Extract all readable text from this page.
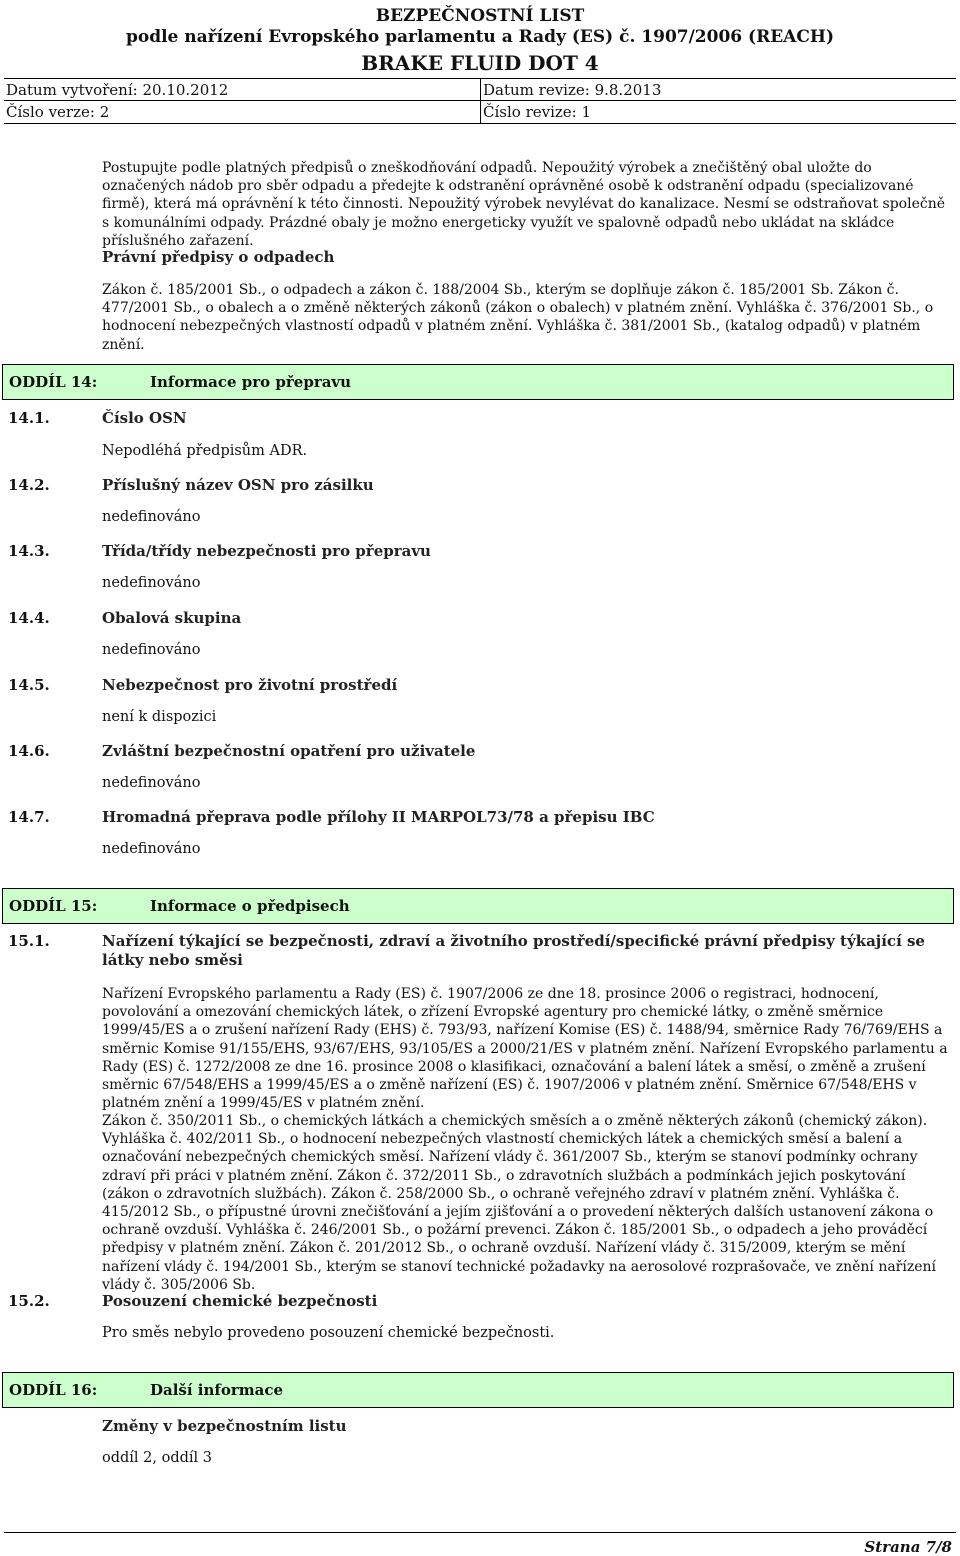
BEZPEČNOSTNÍ LIST
podle nařízení Evropského parlamentu a Rady (ES) č. 1907/2006 (REACH)
BRAKE FLUID DOT 4
Datum vytvoření: 20.10.2012	Datum revize: 9.8.2013
Číslo verze: 2	Číslo revize: 1
Postupujte podle platných předpisů o zneškodňování odpadů. Nepoužitý výrobek a znečištěný obal uložte do označených nádob pro sběr odpadu a předejte k odstranění oprávněné osobě k odstranění odpadu (specializované firmě), která má oprávnění k této činnosti. Nepoužitý výrobek nevylévat do kanalizace. Nesmí se odstraňovat společně s komunálními odpady. Prázdné obaly je možno energeticky využít ve spalovně odpadů nebo ukládat na skládce příslušného zařazení.
Právní předpisy o odpadech
Zákon č. 185/2001 Sb., o odpadech a zákon č. 188/2004 Sb., kterým se doplňuje zákon č. 185/2001 Sb. Zákon č. 477/2001 Sb., o obalech a o změně některých zákonů (zákon o obalech) v platném znění. Vyhláška č. 376/2001 Sb., o hodnocení nebezpečných vlastností odpadů v platném znění. Vyhláška č. 381/2001 Sb., (katalog odpadů) v platném znění.
ODDÍL 14:	Informace pro přepravu
14.1.	Číslo OSN
Nepodléhá předpisům ADR.
14.2.	Příslušný název OSN pro zásilku
nedefinováno
14.3.	Třída/třídy nebezpečnosti pro přepravu
nedefinováno
14.4.	Obalová skupina
nedefinováno
14.5.	Nebezpečnost pro životní prostředí
není k dispozici
14.6.	Zvláštní bezpečnostní opatření pro uživatele
nedefinováno
14.7.	Hromadná přeprava podle přílohy II MARPOL73/78 a přepisu IBC
nedefinováno
ODDÍL 15:	Informace o předpisech
15.1.	Nařízení týkající se bezpečnosti, zdraví a životního prostředí/specifické právní předpisy týkající se látky nebo směsi
Nařízení Evropského parlamentu a Rady (ES) č. 1907/2006 ze dne 18. prosince 2006 o registraci, hodnocení, povolování a omezování chemických látek, o zřízení Evropské agentury pro chemické látky, o změně směrnice 1999/45/ES a o zrušení nařízení Rady (EHS) č. 793/93, nařízení Komise (ES) č. 1488/94, směrnice Rady 76/769/EHS a směrnic Komise 91/155/EHS, 93/67/EHS, 93/105/ES a 2000/21/ES v platném znění. Nařízení Evropského parlamentu a Rady (ES) č. 1272/2008 ze dne 16. prosince 2008 o klasifikaci, označování a balení látek a směsí, o změně a zrušení směrnic 67/548/EHS a 1999/45/ES a o změně nařízení (ES) č. 1907/2006 v platném znění. Směrnice 67/548/EHS v platném znění a 1999/45/ES v platném znění.
Zákon č. 350/2011 Sb., o chemických látkách a chemických směsích a o změně některých zákonů (chemický zákon). Vyhláška č. 402/2011 Sb., o hodnocení nebezpečných vlastností chemických látek a chemických směsí a balení a označování nebezpečných chemických směsí. Nařízení vlády č. 361/2007 Sb., kterým se stanoví podmínky ochrany zdraví při práci v platném znění. Zákon č. 372/2011 Sb., o zdravotních službách a podmínkách jejich poskytování (zákon o zdravotních službách). Zákon č. 258/2000 Sb., o ochraně veřejného zdraví v platném znění. Vyhláška č. 415/2012 Sb., o přípustné úrovni znečišťování a jejím zjišťování a o provedení některých dalších ustanovení zákona o ochraně ovzduší. Vyhláška č. 246/2001 Sb., o požární prevenci. Zákon č. 185/2001 Sb., o odpadech a jeho prováděcí předpisy v platném znění. Zákon č. 201/2012 Sb., o ochraně ovzduší. Nařízení vlády č. 315/2009, kterým se mění nařízení vlády č. 194/2001 Sb., kterým se stanoví technické požadavky na aerosolové rozprašovače, ve znění nařízení vlády č. 305/2006 Sb.
15.2.	Posouzení chemické bezpečnosti
Pro směs nebylo provedeno posouzení chemické bezpečnosti.
ODDÍL 16:	Další informace
Změny v bezpečnostním listu
oddíl 2, oddíl 3
Strana 7/8
